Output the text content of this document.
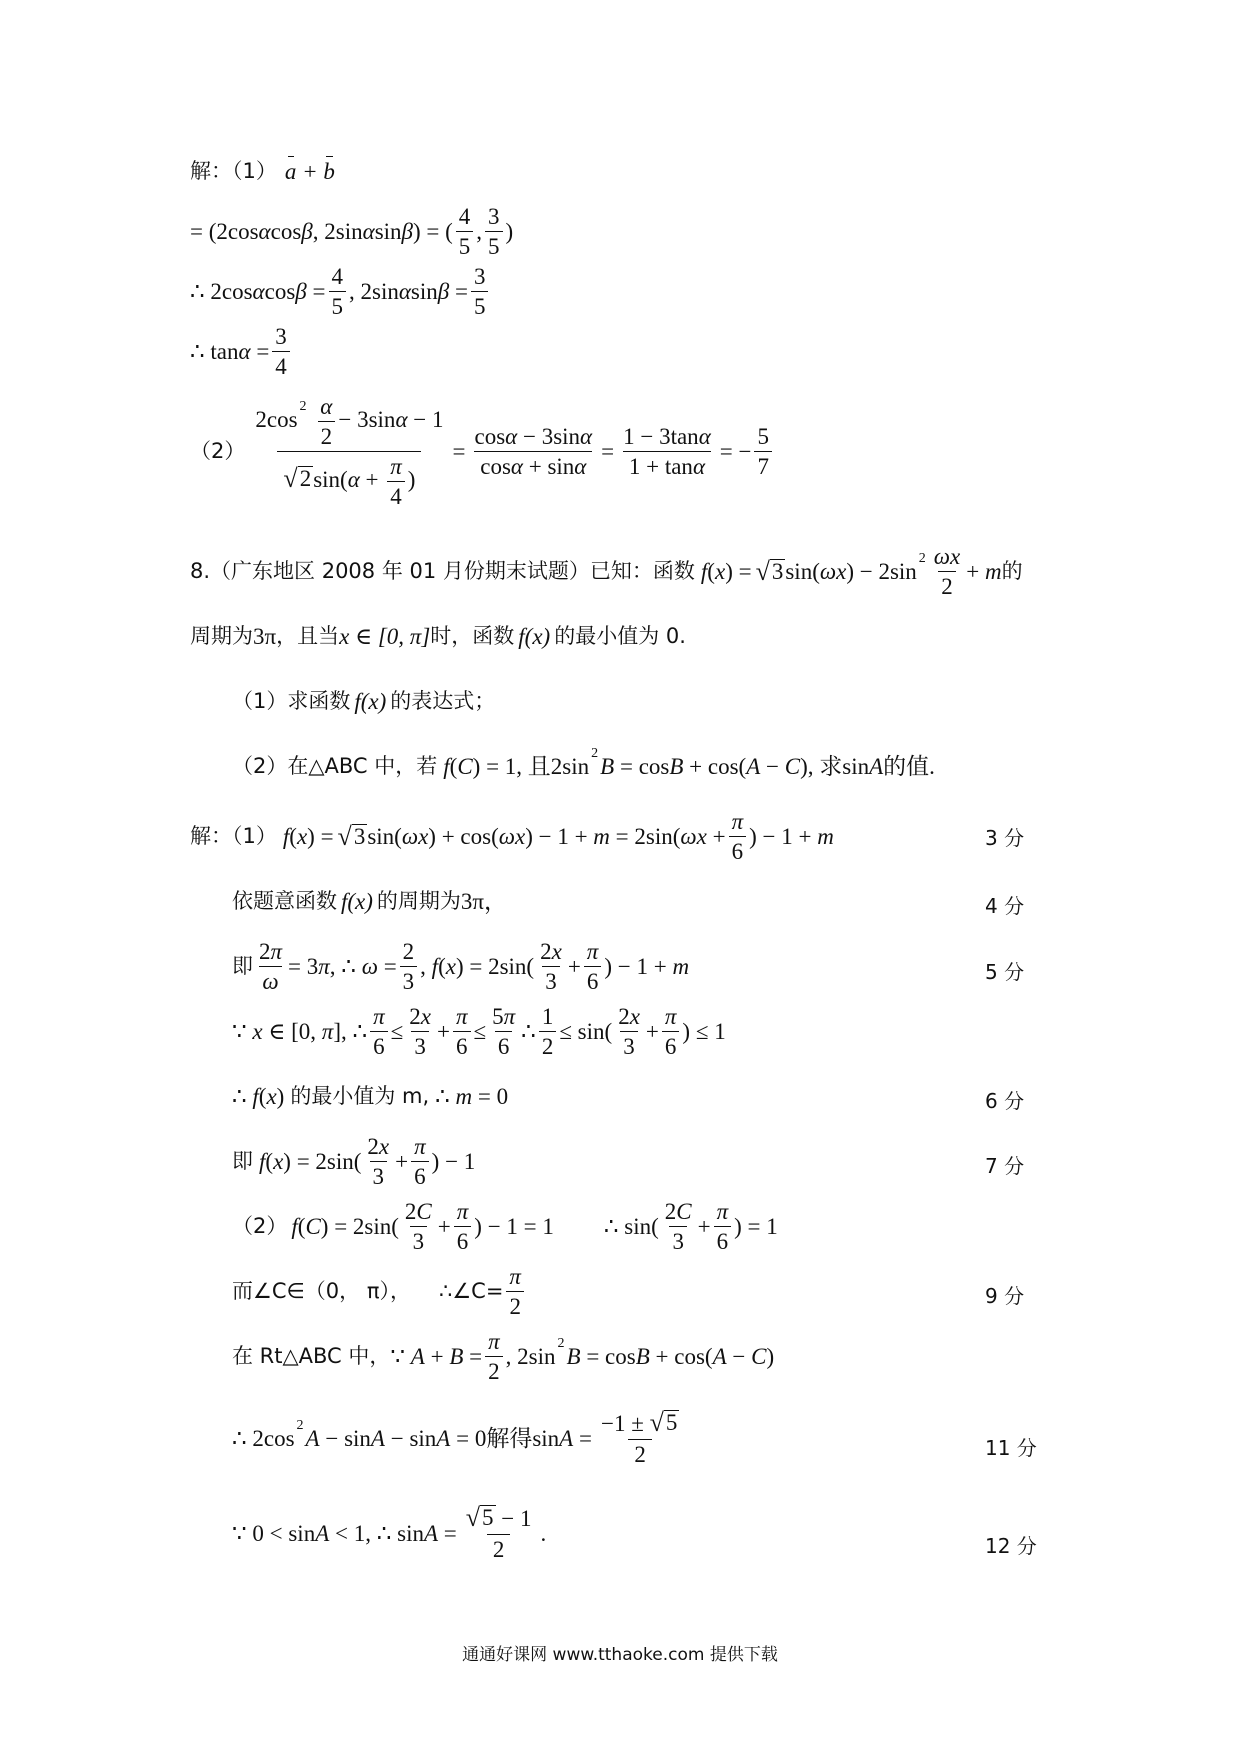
解：（1） a + b
= (2cosαcosβ, 2sinαsinβ) = ( $\frac{4}{5}$ , $\frac{3}{5}$ )
∴ $2\cos\alpha\cos\beta = \frac{4}{5}$ , $2\sin\alpha\sin\beta = \frac{3}{5}$
∴ $\tan\alpha = \frac{3}{4}$
$(2) \frac{2\cos^2 \frac{\alpha}{2} - 3\sin\alpha - 1}{√ 2 \sin(\alpha + \frac{\pi}{4} )} = \frac{\cos\alpha - 3\sin\alpha}{\cos\alpha + \sin\alpha} = \frac{1 - 3\tan\alpha}{1 + \tan\alpha}$ = − $\frac{5}{7}$
8.（广东地区 2008 年 01 月份期末试题）已知：函数 f (x) = √ 3 $\sin(\omega x) - 2\sin^2 \frac{\omega x}{2} + m$ 的
周期为 3π ，且当 x ∈ [0, π] 时，函数 f(x) 的最小值为 0.
（1）求函数 f(x) 的表达式；
（2）在△ABC 中，若 f(C) = 1, 且$2\sin^2B = \cos B + \cos(A - C)$, 求sinA的值.
解：（1） f(x) = √ 3 $\sin(\omega x) + \cos(\omega x) - 1 + m = 2\sin(\omega x + \frac{\pi}{6}$ ) − 1 + m	3 分
依题意函数 f(x) 的周期为 3π，	4 分
即 $\frac{2\pi}{\omega} = 3\pi$, ∴ $\omega = \frac{2}{3}$ , $f(x) = 2\sin( \frac{2x}{3} + \frac{\pi}{6}$ ) − 1 + m	5 分
∵ x ∈ [0, π], ∴ $\frac{\pi}{6} \le \frac{2x}{3} + \frac{\pi}{6} \le \frac{5\pi}{6}$ ∴ $\frac{1}{2} \le \sin( \frac{2x}{3} + \frac{\pi}{6}$ ) ≤ 1
∴ f(x) 的最小值为 m, ∴ m = 0	6 分
即 $f(x) = 2\sin( \frac{2x}{3} + \frac{\pi}{6}$ ) − 1	7 分
（2） $f(C) = 2\sin( \frac{2C}{3} + \frac{\pi}{6}$ ) − 1 = 1 ∴ $\sin( \frac{2C}{3} + \frac{\pi}{6}$ ) = 1
而∠C∈（0， π）， ∴∠C= $\frac{\pi}{2}$	9 分
在 Rt△ABC 中， ∵ $A + B = \frac{\pi}{2}$ , $2\sin^2B = \cos B + \cos(A - C)$
∴ $2\cos^2A - \sin A - \sin A = 0$解得$\sin A = \frac{-1 \pm √ 5}{2}$	11 分
∵ 0 < sinA < 1, ∴ $\sin A = \frac{√ 5 - 1}{2}$ .
12 分
通通好课网 www.tthaoke.com 提供下载
